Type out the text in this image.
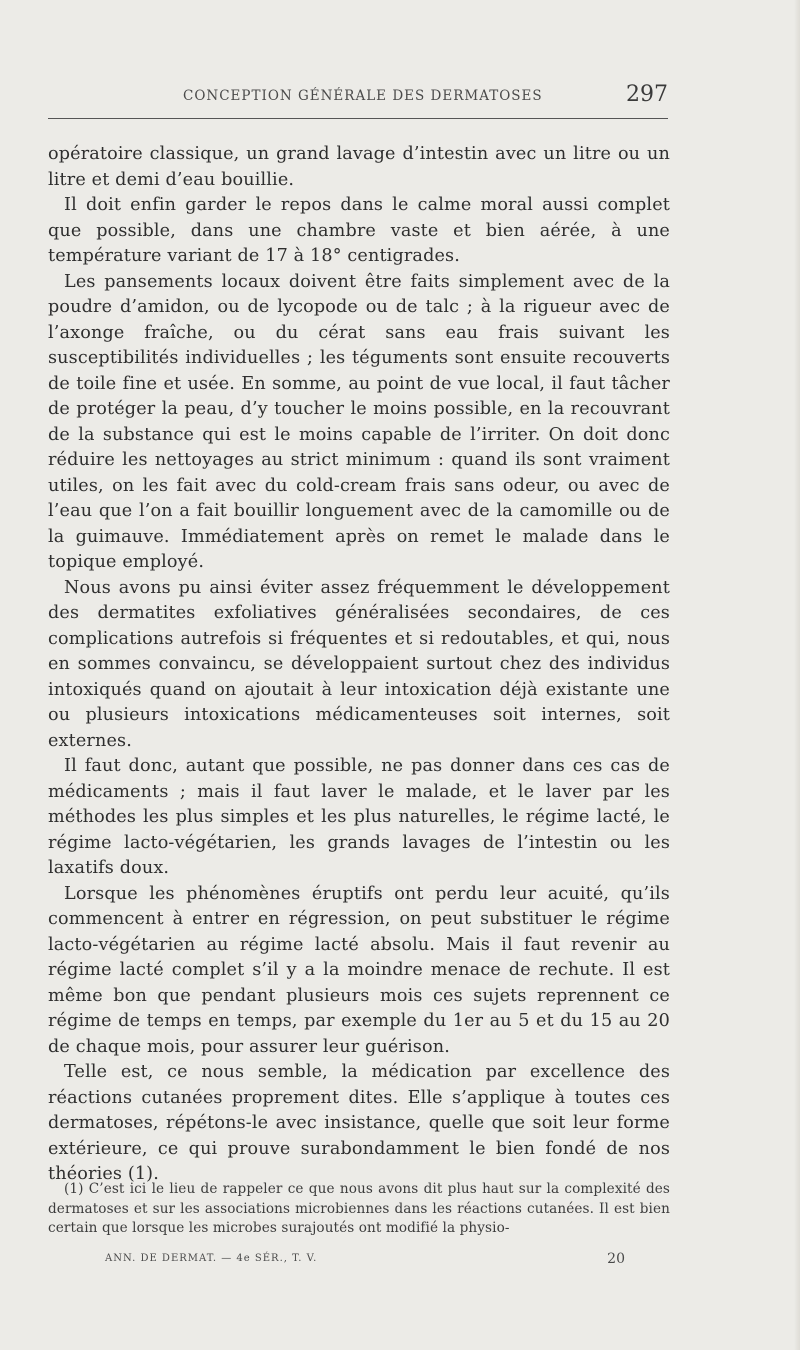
CONCEPTION GÉNÉRALE DES DERMATOSES	297

opératoire classique, un grand lavage d’intestin avec un litre ou un litre et demi d’eau bouillie.

Il doit enfin garder le repos dans le calme moral aussi complet que possible, dans une chambre vaste et bien aérée, à une température variant de 17 à 18° centigrades.

Les pansements locaux doivent être faits simplement avec de la poudre d’amidon, ou de lycopode ou de talc ; à la rigueur avec de l’axonge fraîche, ou du cérat sans eau frais suivant les susceptibilités individuelles ; les téguments sont ensuite recouverts de toile fine et usée. En somme, au point de vue local, il faut tâcher de protéger la peau, d’y toucher le moins possible, en la recouvrant de la substance qui est le moins capable de l’irriter. On doit donc réduire les nettoyages au strict minimum : quand ils sont vraiment utiles, on les fait avec du cold-cream frais sans odeur, ou avec de l’eau que l’on a fait bouillir longuement avec de la camomille ou de la guimauve. Immédiatement après on remet le malade dans le topique employé.

Nous avons pu ainsi éviter assez fréquemment le développement des dermatites exfoliatives généralisées secondaires, de ces complications autrefois si fréquentes et si redoutables, et qui, nous en sommes convaincu, se développaient surtout chez des individus intoxiqués quand on ajoutait à leur intoxication déjà existante une ou plusieurs intoxications médicamenteuses soit internes, soit externes.

Il faut donc, autant que possible, ne pas donner dans ces cas de médicaments ; mais il faut laver le malade, et le laver par les méthodes les plus simples et les plus naturelles, le régime lacté, le régime lacto-végétarien, les grands lavages de l’intestin ou les laxatifs doux.

Lorsque les phénomènes éruptifs ont perdu leur acuité, qu’ils commencent à entrer en régression, on peut substituer le régime lacto-végétarien au régime lacté absolu. Mais il faut revenir au régime lacté complet s’il y a la moindre menace de rechute. Il est même bon que pendant plusieurs mois ces sujets reprennent ce régime de temps en temps, par exemple du 1er au 5 et du 15 au 20 de chaque mois, pour assurer leur guérison.

Telle est, ce nous semble, la médication par excellence des réactions cutanées proprement dites. Elle s’applique à toutes ces dermatoses, répétons-le avec insistance, quelle que soit leur forme extérieure, ce qui prouve surabondamment le bien fondé de nos théories (1).

(1) C’est ici le lieu de rappeler ce que nous avons dit plus haut sur la complexité des dermatoses et sur les associations microbiennes dans les réactions cutanées. Il est bien certain que lorsque les microbes surajoutés ont modifié la physio-

ANN. DE DERMAT. — 4e SÉR., T. V.	20
